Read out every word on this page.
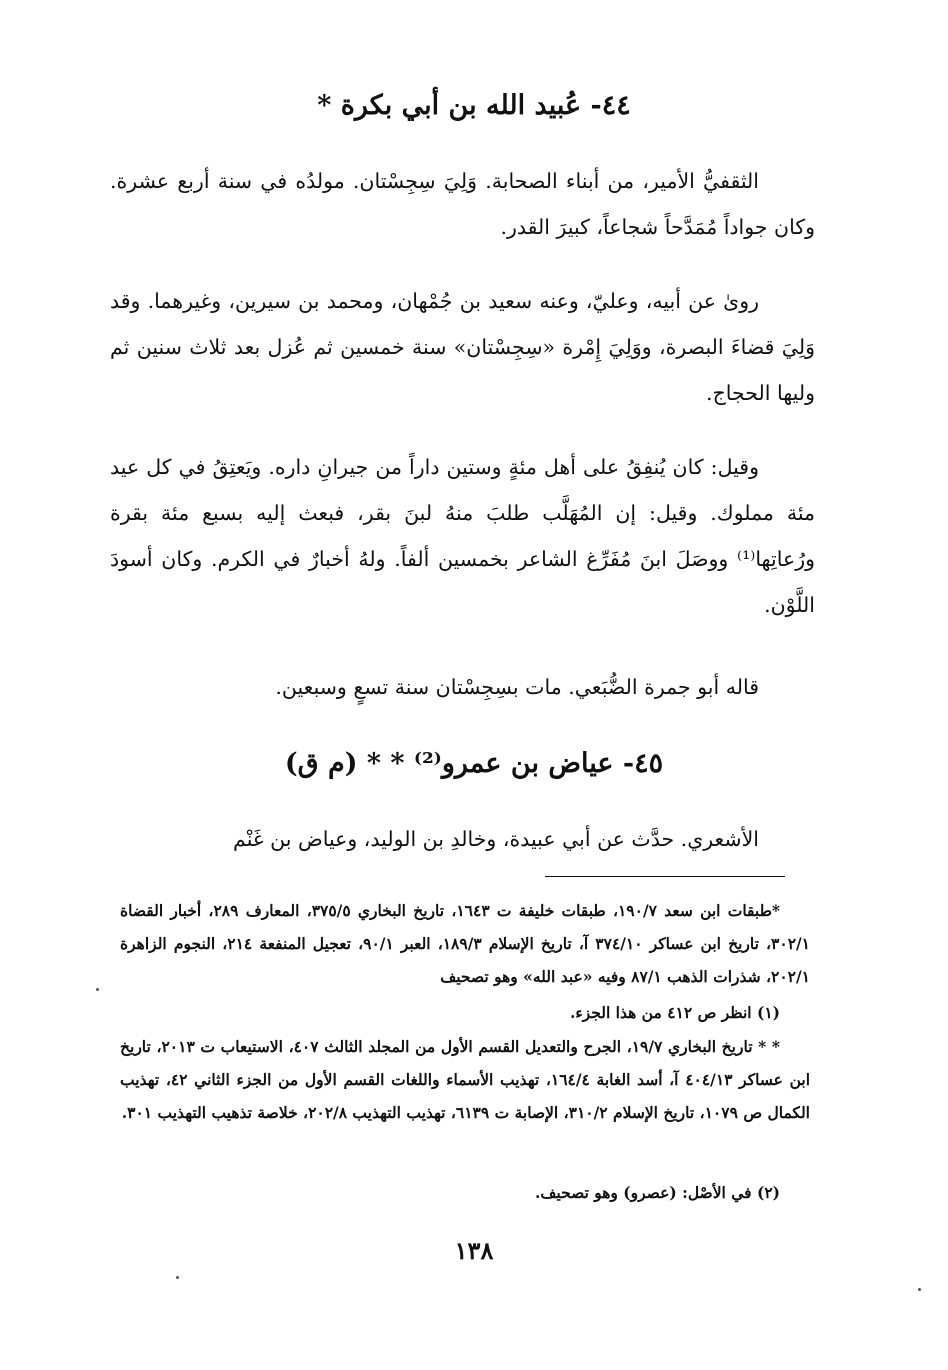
٤٤- عُبيد الله بن أبي بكرة *
الثقفيُّ الأمير، من أبناء الصحابة. وَلِيَ سِجِسْتان. مولدُه في سنة أربع عشرة. وكان جواداً مُمَدَّحاً شجاعاً، كبيرَ القدر.
روىٰ عن أبيه، وعليّ، وعنه سعيد بن جُمْهان، ومحمد بن سيرين، وغيرهما. وقد وَلِيَ قضاءَ البصرة، ووَلِيَ إِمْرة «سِجِسْتان» سنة خمسين ثم عُزل بعد ثلاث سنين ثم وليها الحجاج.
وقيل: كان يُنفِقُ على أهل مئةٍ وستين داراً من جيرانِ داره. ويَعتِقُ في كل عيد مئة مملوك. وقيل: إن المُهَلَّب طلبَ منهُ لبنَ بقر، فبعث إليه بسبع مئة بقرة ورُعاتِها⁽¹⁾ ووصَلَ ابنَ مُفَرِّغ الشاعر بخمسين ألفاً. ولهُ أخبارٌ في الكرم. وكان أسودَ اللَّوْن.
قاله أبو جمرة الضُّبَعي. مات بسِجِسْتان سنة تسعٍ وسبعين.
٤٥- عياض بن عمرو⁽²⁾ * * (م ق)
الأشعري. حدَّث عن أبي عبيدة، وخالدِ بن الوليد، وعياض بن غَنْم
*طبقات ابن سعد ١٩٠/٧، طبقات خليفة ت ١٦٤٣، تاريخ البخاري ٣٧٥/٥، المعارف ٢٨٩، أخبار القضاة ٣٠٢/١، تاريخ ابن عساكر ٣٧٤/١٠ آ، تاريخ الإسلام ١٨٩/٣، العبر ٩٠/١، تعجيل المنفعة ٢١٤، النجوم الزاهرة ٢٠٢/١، شذرات الذهب ٨٧/١ وفيه «عبد الله» وهو تصحيف
(١) انظر ص ٤١٢ من هذا الجزء.
* * تاريخ البخاري ١٩/٧، الجرح والتعديل القسم الأول من المجلد الثالث ٤٠٧، الاستيعاب ت ٢٠١٣، تاريخ ابن عساكر ٤٠٤/١٣ آ، أسد الغابة ١٦٤/٤، تهذيب الأسماء واللغات القسم الأول من الجزء الثاني ٤٢، تهذيب الكمال ص ١٠٧٩، تاريخ الإسلام ٣١٠/٢، الإصابة ت ٦١٣٩، تهذيب التهذيب ٢٠٢/٨، خلاصة تذهيب التهذيب ٣٠١.
(٢) في الأصْل: (عصرو) وهو تصحيف.
١٣٨
